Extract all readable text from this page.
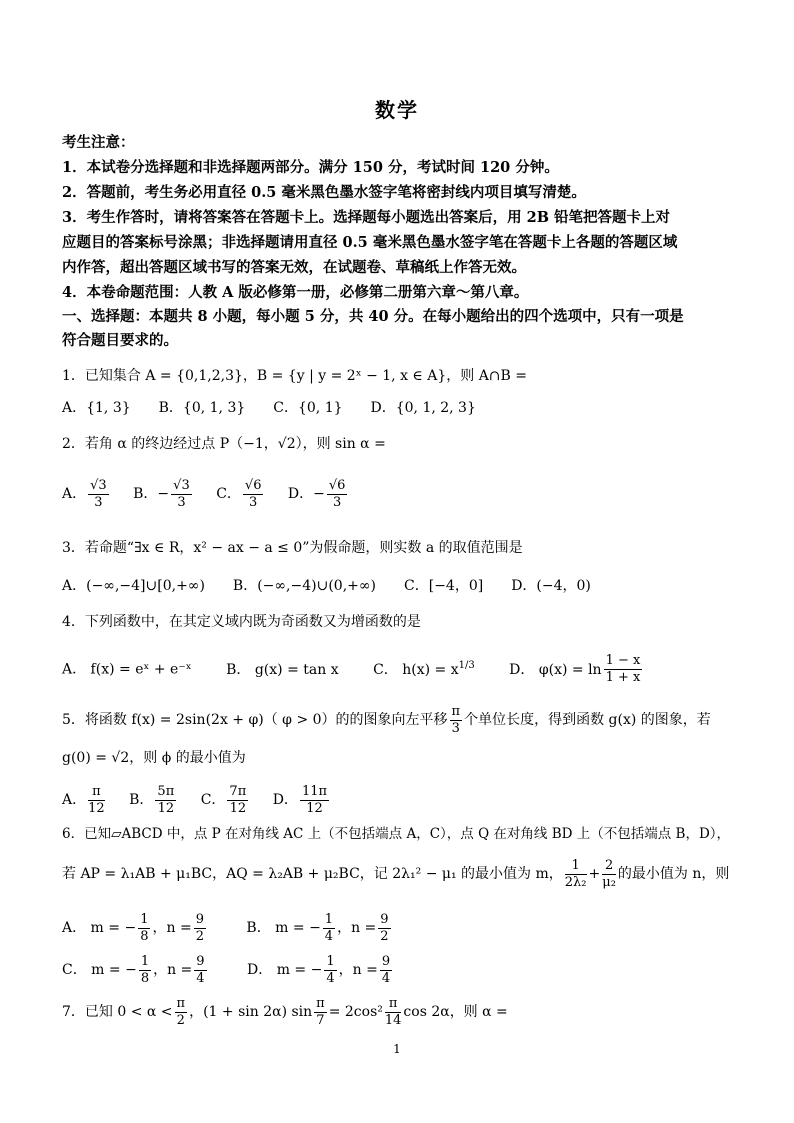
数学
考生注意：
1．本试卷分选择题和非选择题两部分。满分 150 分，考试时间 120 分钟。
2．答题前，考生务必用直径 0.5 毫米黑色墨水签字笔将密封线内项目填写清楚。
3．考生作答时，请将答案答在答题卡上。选择题每小题选出答案后，用 2B 铅笔把答题卡上对
应题目的答案标号涂黑；非选择题请用直径 0.5 毫米黑色墨水签字笔在答题卡上各题的答题区域
内作答，超出答题区域书写的答案无效，在试题卷、草稿纸上作答无效。
4．本卷命题范围：人教 A 版必修第一册，必修第二册第六章～第八章。
一、选择题：本题共 8 小题，每小题 5 分，共 40 分。在每小题给出的四个选项中，只有一项是
符合题目要求的。
1．已知集合 A = {0,1,2,3}，B = {y | y = 2ˣ − 1, x ∈ A}，则 A∩B =
A．{1, 3}　　B．{0, 1, 3}　　C．{0, 1}　　D．{0, 1, 2, 3}
2．若角 α 的终边经过点 P（−1，√2），则 sin α =
A． $\frac{√3}{3}$ B．− $\frac{√3}{3}$ C． $\frac{√6}{3}$ D．− $\frac{√6}{3}$
3．若命题“∃x ∈ R，x² − ax − a ≤ 0”为假命题，则实数 a 的取值范围是
A．(−∞,−4]∪[0,+∞)　　B．(−∞,−4)∪(0,+∞)　　C．[−4，0]　　D．(−4，0)
4．下列函数中，在其定义域内既为奇函数又为增函数的是
A． f(x) = eˣ + e⁻ˣ B． g(x) = tan x C． $h(x) = x^{1/3}$ D． $\varphi(x) = \ln \frac{1 - x}{1 + x}$
5．将函数 f(x) = 2sin(2x + φ)（ φ > 0）的的图象向左平移 $\frac{\pi}{3}$ 个单位长度，得到函数 g(x) 的图象，若
g(0) = √2，则 ϕ 的最小值为
A． $\frac{\pi}{12}$ B． $\frac{5\pi}{12}$ C． $\frac{7\pi}{12}$ D． $\frac{11\pi}{12}$
6．已知▱ABCD 中，点 P 在对角线 AC 上（不包括端点 A，C），点 Q 在对角线 BD 上（不包括端点 B，D），
若 AP = λ₁AB + μ₁BC，AQ = λ₂AB + μ₂BC，记 2λ₁² − μ₁ 的最小值为 m， $\frac{1}{\text{2λ₂}} + \frac{2}{\text{μ₂}}$ 的最小值为 n，则
A． m = − $\frac{1}{8}$ ，$n = \frac{9}{2}$	B． m = − $\frac{1}{4}$ ，$n = \frac{9}{2}$
C． m = − $\frac{1}{8}$ ，$n = \frac{9}{4}$	D． m = − $\frac{1}{4}$ ，$n = \frac{9}{4}$
7．已知 $0 < \alpha < \frac{\pi}{2}$ ，(1 + sin 2α) $\sin \frac{\pi}{7} = 2\cos^2 \frac{\pi}{14}$ cos 2α，则 α =
1
